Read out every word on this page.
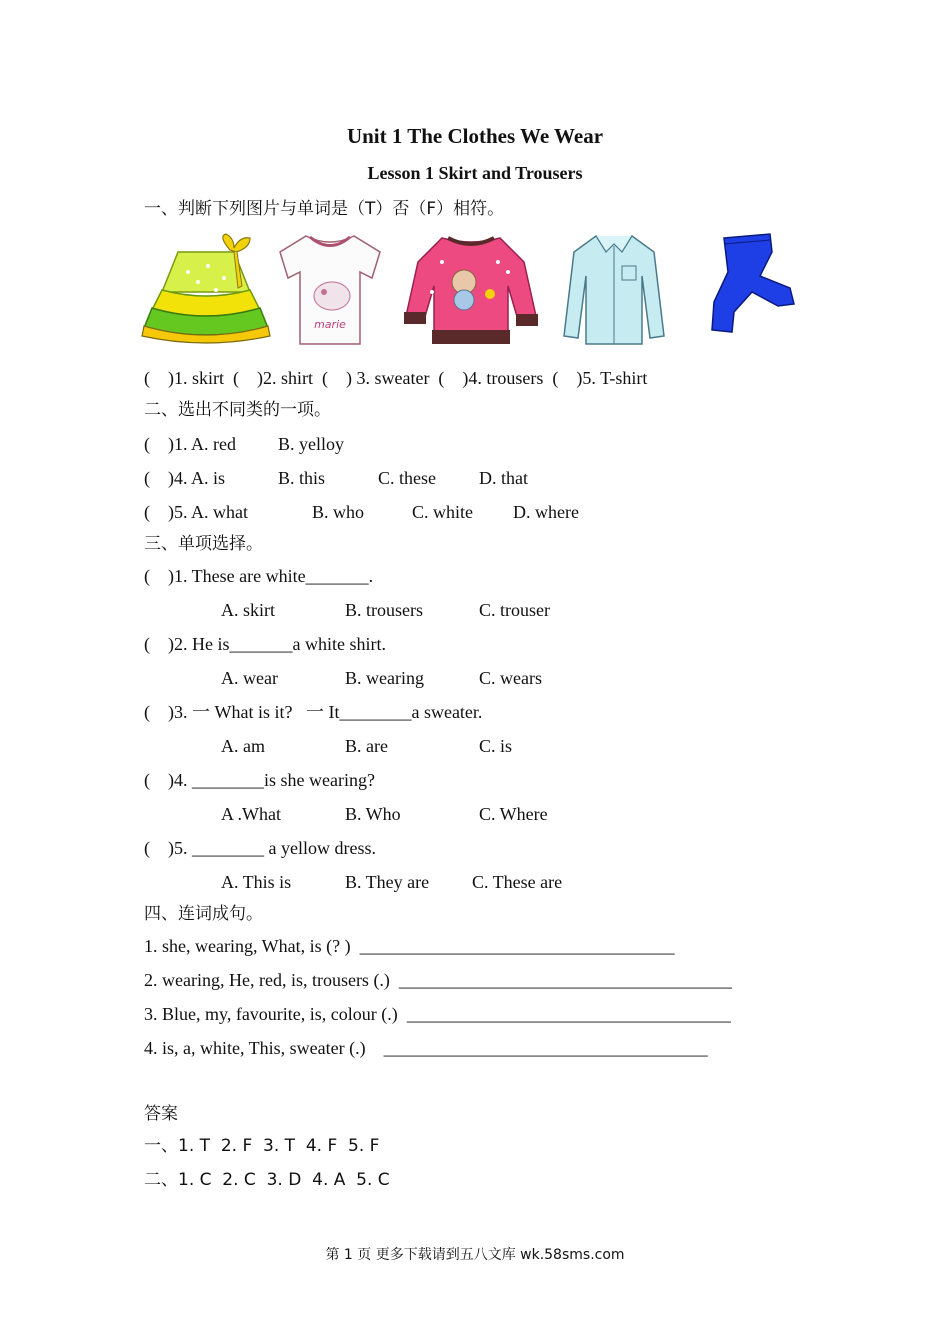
Unit 1 The Clothes We Wear
Lesson 1 Skirt and Trousers
一、判断下列图片与单词是（T）否（F）相符。
marie
(    )1. skirt  (    )2. shirt  (    ) 3. sweater  (    )4. trousers  (    )5. T-shirt
二、选出不同类的一项。
(    )1. A. red B. yelloy
(    )4. A. is	B. this	C. these D. that
(    )5. A. what	B. who	C. white D. where
三、单项选择。
(    )1. These are white_______.
A. skirt	B. trousers	C. trouser
(    )2. He is_______a white shirt.
A. wear	B. wearing	C. wears
(    )3. 一 What is it?   一 It________a sweater.
A. am	B. are	C. is
(    )4. ________is she wearing?
A .What	B. Who	C. Where
(    )5. ________ a yellow dress.
A. This is	B. They are C. These are
四、连词成句。
1. she, wearing, What, is (? )  ___________________________________
2. wearing, He, red, is, trousers (.)  _____________________________________
3. Blue, my, favourite, is, colour (.)  ____________________________________
4. is, a, white, This, sweater (.)    ____________________________________
答案
一、1. T  2. F  3. T  4. F  5. F
二、1. C  2. C  3. D  4. A  5. C
第 1 页 更多下载请到五八文库 wk.58sms.com
